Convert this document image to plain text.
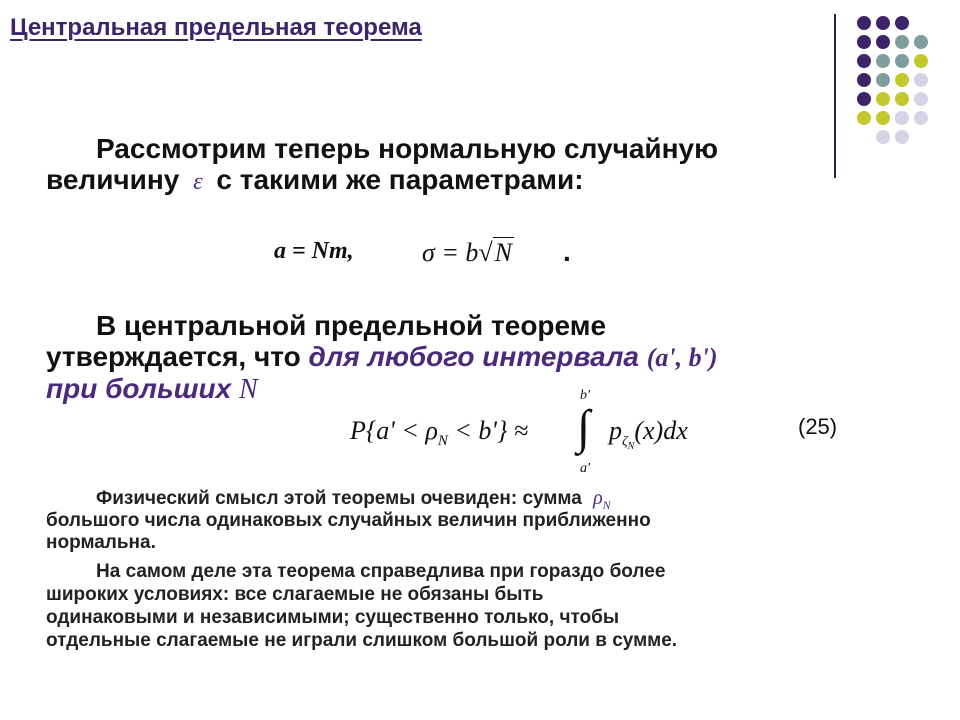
Центральная предельная теорема
Рассмотрим теперь нормальную случайную
величину ε с такими же параметрами:
a = Nm,	σ = b√N .
В центральной предельной теореме
утверждается, что для любого интервала (a', b')
при больших N
$P\{a' < \rho_N < b'\}$ ≈ ∫
b'
a'
$p_{\zeta_N}(x)dx$	(25)
Физический смысл этой теоремы очевиден: сумма $\rho_N$
большого числа одинаковых случайных величин приближенно
нормальна.
На самом деле эта теорема справедлива при гораздо более
широких условиях: все слагаемые не обязаны быть
одинаковыми и независимыми; существенно только, чтобы
отдельные слагаемые не играли слишком большой роли в сумме.
